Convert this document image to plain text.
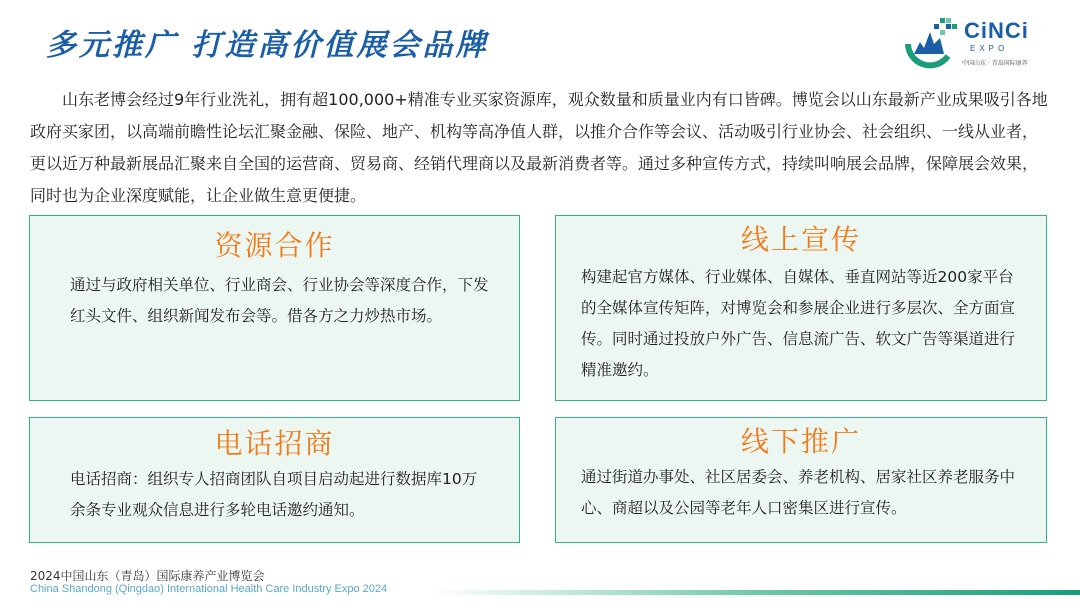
多元推广 打造高价值展会品牌	CiNCi
EXPO
中国山东 · 青岛国际康养

山东老博会经过9年行业洗礼，拥有超100,000+精准专业买家资源库，观众数量和质量业内有口皆碑。博览会以山东最新产业成果吸引各地政府买家团，以高端前瞻性论坛汇聚金融、保险、地产、机构等高净值人群，以推介合作等会议、活动吸引行业协会、社会组织、一线从业者，更以近万种最新展品汇聚来自全国的运营商、贸易商、经销代理商以及最新消费者等。通过多种宣传方式，持续叫响展会品牌，保障展会效果，同时也为企业深度赋能，让企业做生意更便捷。

资源合作
通过与政府相关单位、行业商会、行业协会等深度合作，下发红头文件、组织新闻发布会等。借各方之力炒热市场。
线上宣传
构建起官方媒体、行业媒体、自媒体、垂直网站等近200家平台的全媒体宣传矩阵，对博览会和参展企业进行多层次、全方面宣传。同时通过投放户外广告、信息流广告、软文广告等渠道进行精准邀约。
电话招商
电话招商：组织专人招商团队自项目启动起进行数据库10万余条专业观众信息进行多轮电话邀约通知。
线下推广
通过街道办事处、社区居委会、养老机构、居家社区养老服务中心、商超以及公园等老年人口密集区进行宣传。
2024中国山东（青岛）国际康养产业博览会
China Shandong (Qingdao) International Health Care Industry Expo 2024
